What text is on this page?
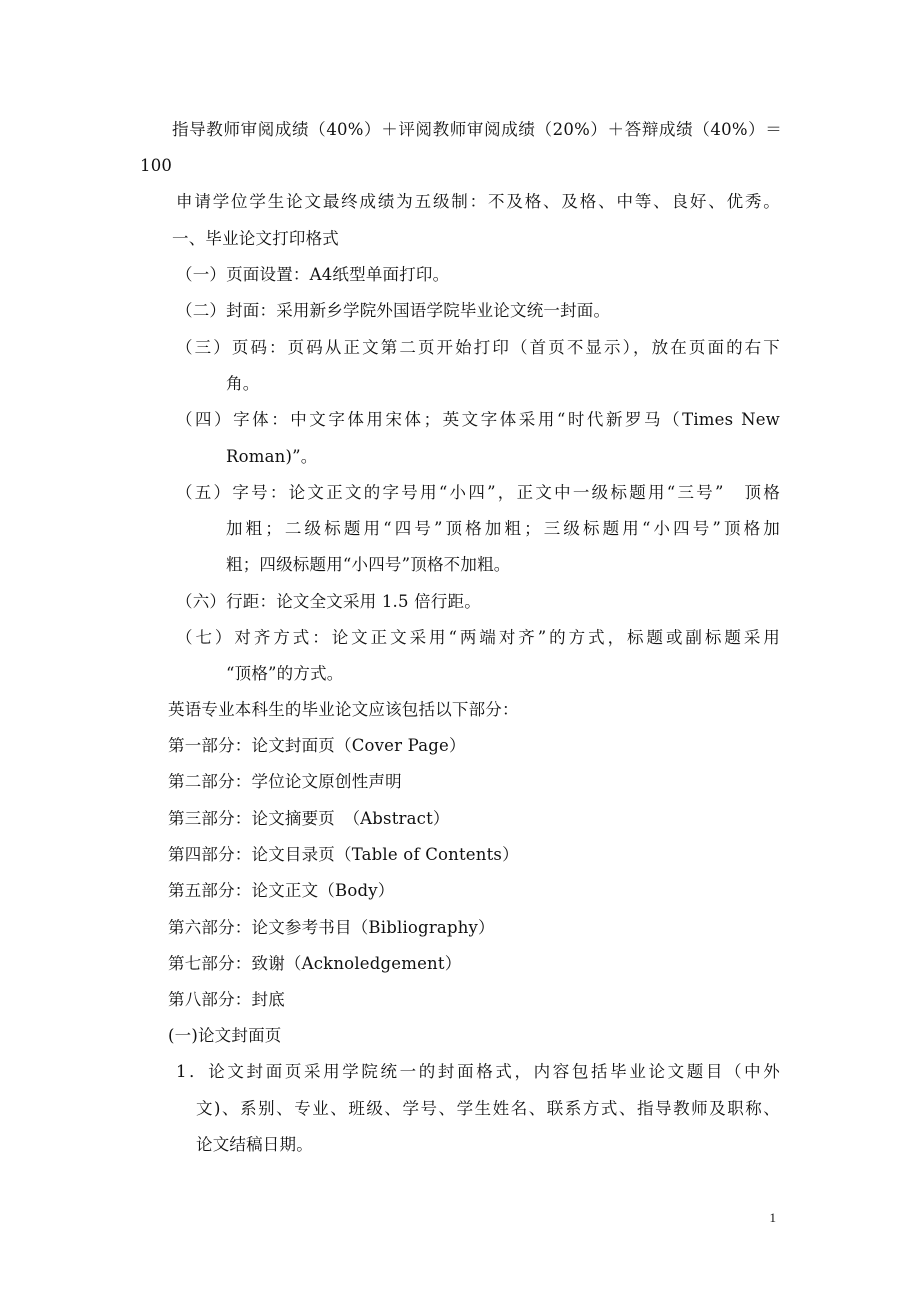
指导教师审阅成绩（40%）＋评阅教师审阅成绩（20%）＋答辩成绩（40%）＝
100
申请学位学生论文最终成绩为五级制：不及格、及格、中等、良好、优秀。
一、毕业论文打印格式
（一）页面设置：A4纸型单面打印。
（二）封面：采用新乡学院外国语学院毕业论文统一封面。
（三）页码：页码从正文第二页开始打印（首页不显示），放在页面的右下
角。
（四）字体：中文字体用宋体；英文字体采用“时代新罗马（Times New
Roman)”。
（五）字号：论文正文的字号用“小四”，正文中一级标题用“三号”　顶格
加粗；二级标题用“四号”顶格加粗；三级标题用“小四号”顶格加
粗；四级标题用“小四号”顶格不加粗。
（六）行距：论文全文采用 1.5 倍行距。
（七）对齐方式：论文正文采用“两端对齐”的方式，标题或副标题采用
“顶格”的方式。
英语专业本科生的毕业论文应该包括以下部分：
第一部分：论文封面页（Cover Page）
第二部分：学位论文原创性声明
第三部分：论文摘要页　（Abstract）
第四部分：论文目录页（Table of Contents）
第五部分：论文正文（Body）
第六部分：论文参考书目（Bibliography）
第七部分：致谢（Acknoledgement）
第八部分：封底
(一)论文封面页
1．论文封面页采用学院统一的封面格式，内容包括毕业论文题目（中外
文)、系别、专业、班级、学号、学生姓名、联系方式、指导教师及职称、
论文结稿日期。
1
